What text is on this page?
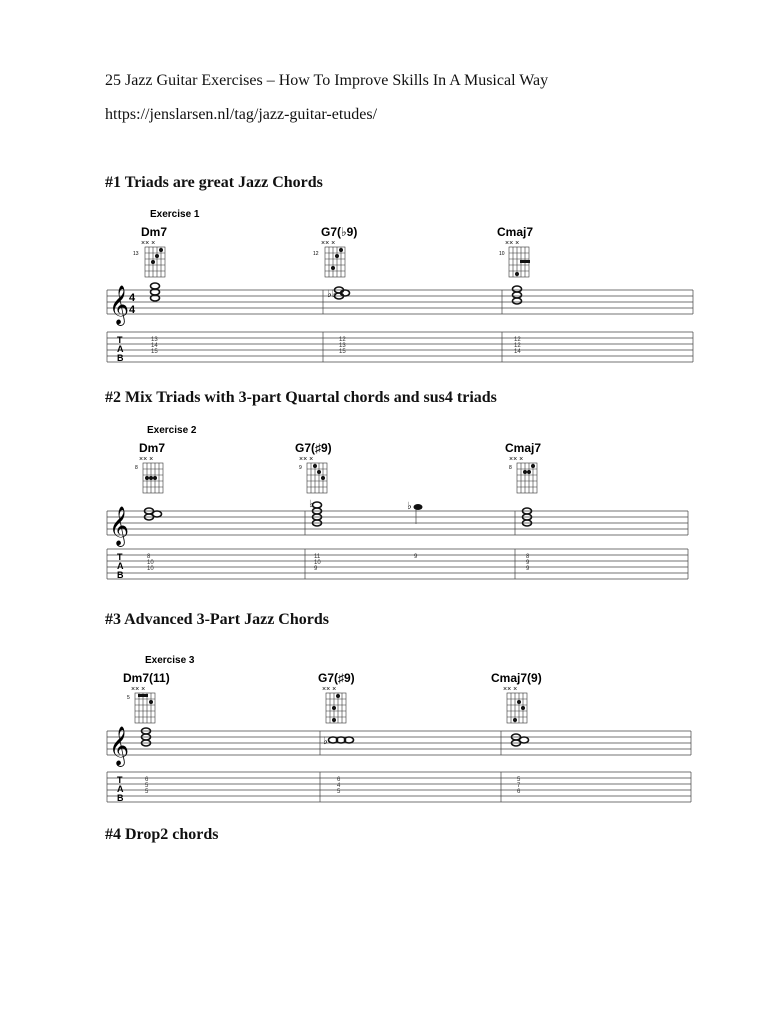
25 Jazz Guitar Exercises – How To Improve Skills In A Musical Way
https://jenslarsen.nl/tag/jazz-guitar-etudes/
#1 Triads are great Jazz Chords
Exercise 1
Dm7
×× ×
13
G7(♭9)
×× ×
12
Cmaj7
×× ×
10
𝄞 4
4
♭♭
T
A
B
13
14
15
12
13
15
12
12
14
#2 Mix Triads with 3-part Quartal chords and sus4 triads
Exercise 2
Dm7
×× ×
8
G7(♯9)
×× ×
9
Cmaj7
×× ×
8
𝄞
♭	♭
T
A
B
8
10
10
11
10
9
9	8
9
9
#3 Advanced 3-Part Jazz Chords
Exercise 3
Dm7(11)
×× ×
5
G7(♯9)
×× ×
Cmaj7(9)
×× ×
𝄞	♭
T
A
B
6
5
5
6
4
5
5
7
6
#4 Drop2 chords
